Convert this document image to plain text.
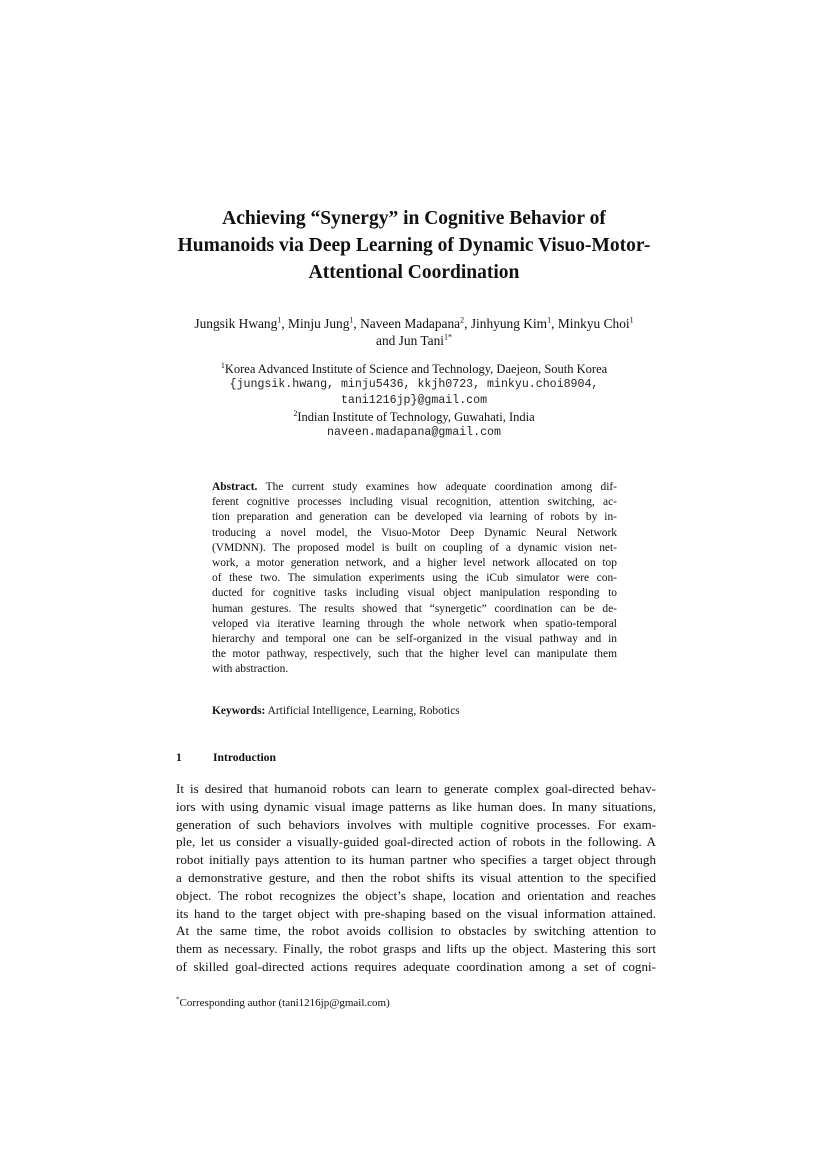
Achieving “Synergy” in Cognitive Behavior of
Humanoids via Deep Learning of Dynamic Visuo-Motor-
Attentional Coordination
Jungsik Hwang$^1$, Minju Jung$^1$, Naveen Madapana$^2$, Jinhyung Kim$^1$, Minkyu Choi$^1$
and Jun Tani$^{1*}$
$^1$Korea Advanced Institute of Science and Technology, Daejeon, South Korea
{jungsik.hwang, minju5436, kkjh0723, minkyu.choi8904,
tani1216jp}@gmail.com
$^2$Indian Institute of Technology, Guwahati, India
naveen.madapana@gmail.com
Abstract. The current study examines how adequate coordination among dif-
ferent cognitive processes including visual recognition, attention switching, ac-
tion preparation and generation can be developed via learning of robots by in-
troducing a novel model, the Visuo-Motor Deep Dynamic Neural Network
(VMDNN). The proposed model is built on coupling of a dynamic vision net-
work, a motor generation network, and a higher level network allocated on top
of these two. The simulation experiments using the iCub simulator were con-
ducted for cognitive tasks including visual object manipulation responding to
human gestures. The results showed that “synergetic” coordination can be de-
veloped via iterative learning through the whole network when spatio-temporal
hierarchy and temporal one can be self-organized in the visual pathway and in
the motor pathway, respectively, such that the higher level can manipulate them
with abstraction.
Keywords: Artificial Intelligence, Learning, Robotics
1	Introduction
It is desired that humanoid robots can learn to generate complex goal-directed behav-
iors with using dynamic visual image patterns as like human does. In many situations,
generation of such behaviors involves with multiple cognitive processes. For exam-
ple, let us consider a visually-guided goal-directed action of robots in the following. A
robot initially pays attention to its human partner who specifies a target object through
a demonstrative gesture, and then the robot shifts its visual attention to the specified
object. The robot recognizes the object’s shape, location and orientation and reaches
its hand to the target object with pre-shaping based on the visual information attained.
At the same time, the robot avoids collision to obstacles by switching attention to
them as necessary. Finally, the robot grasps and lifts up the object. Mastering this sort
of skilled goal-directed actions requires adequate coordination among a set of cogni-
*Corresponding author (tani1216jp@gmail.com)
